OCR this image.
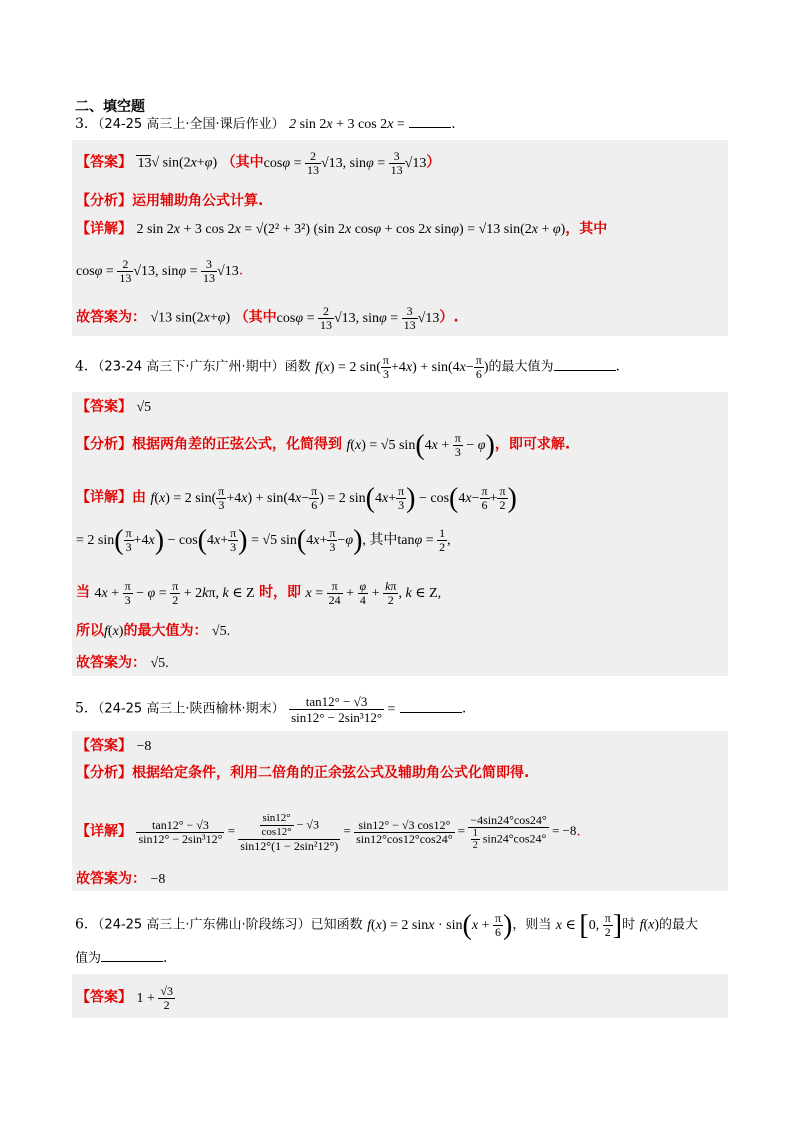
二、填空题
3．（24-25 高三上·全国·课后作业） 2 sin 2x + 3 cos 2x =	.
【答案】 13√ sin(2x+φ) （其中$\cos\varphi = \frac{2}{13} √13$, $\sin\varphi = \frac{3}{13} √13$）
【分析】运用辅助角公式计算.
【详解】 2 sin 2x + 3 cos 2x = √(2² + 3²) (sin 2x cosφ + cos 2x sinφ) = √13 sin(2x + φ)，其中
$\cos\varphi = \frac{2}{13} √13$, $\sin\varphi = \frac{3}{13} √13$.
故答案为： √13 sin(2x+φ) （其中$\cos\varphi = \frac{2}{13} √13$, $\sin\varphi = \frac{3}{13} √13$）.
4．（23-24 高三下·广东广州·期中）函数 f(x) = 2 $\sin( \frac{\pi}{3} +4x) + \sin(4x- \frac{\pi}{6}$ )的最大值为	.
【答案】 √5
【分析】根据两角差的正弦公式，化简得到 f(x) = √5 $\sin(4x + \frac{\pi}{3} - \varphi)$，即可求解.
【详解】由 f(x) = 2 $\sin( \frac{\pi}{3} +4x) + \sin(4x- \frac{\pi}{6}$ ) = 2 $\sin(4x+ \frac{\pi}{3}$ ) − $\cos(4x- \frac{\pi}{6} + \frac{\pi}{2}$ )
= 2 $\sin( \frac{\pi}{3} +4x) - \cos(4x+ \frac{\pi}{3}$ ) = √5 $\sin(4x+ \frac{\pi}{3} -\varphi)$, 其中$\tan\varphi = \frac{1}{2}$ ,
当 $4x + \frac{\pi}{3} - \varphi = \frac{\pi}{2} + 2k\pi$, k ∈ Z 时，即 $x = \frac{\pi}{24} + \frac{\varphi}{4} + \frac{k\pi}{2}$ , k ∈ Z,
所以f(x)的最大值为： √5.
故答案为： √5.
5．（24-25 高三上·陕西榆林·期末） $\frac{\tan 12^\circ - √3}{\text{sin12° − 2sin³12°}}$ =	.
【答案】 −8
【分析】根据给定条件，利用二倍角的正余弦公式及辅助角公式化简即得.
【详解】 $\frac{\tan 12^\circ - √3}{\text{sin12° − 2sin³12°}} = \frac{\frac{\sin 12^\circ}{\cos 12^\circ} - √3}{\text{sin12°(1 − 2sin²12°)}} = \frac{\sin 12^\circ - √3 \cos 12^\circ}{\sin 12^\circ\cos 12^\circ\cos 24^\circ} = \frac{-4\sin 24^\circ\cos 24^\circ}{\frac{1}{2} \sin 24^\circ\cos 24^\circ} = -8$.
故答案为： −8
6．（24-25 高三上·广东佛山·阶段练习）已知函数 f(x) = 2 $\sin x \cdot \sin(x + \frac{\pi}{6}$ )，则当 x ∈ [0, $\frac{\pi}{2}$ ]时 f(x)的最大
值为	.
【答案】 $1 + \frac{√3}{2}$
